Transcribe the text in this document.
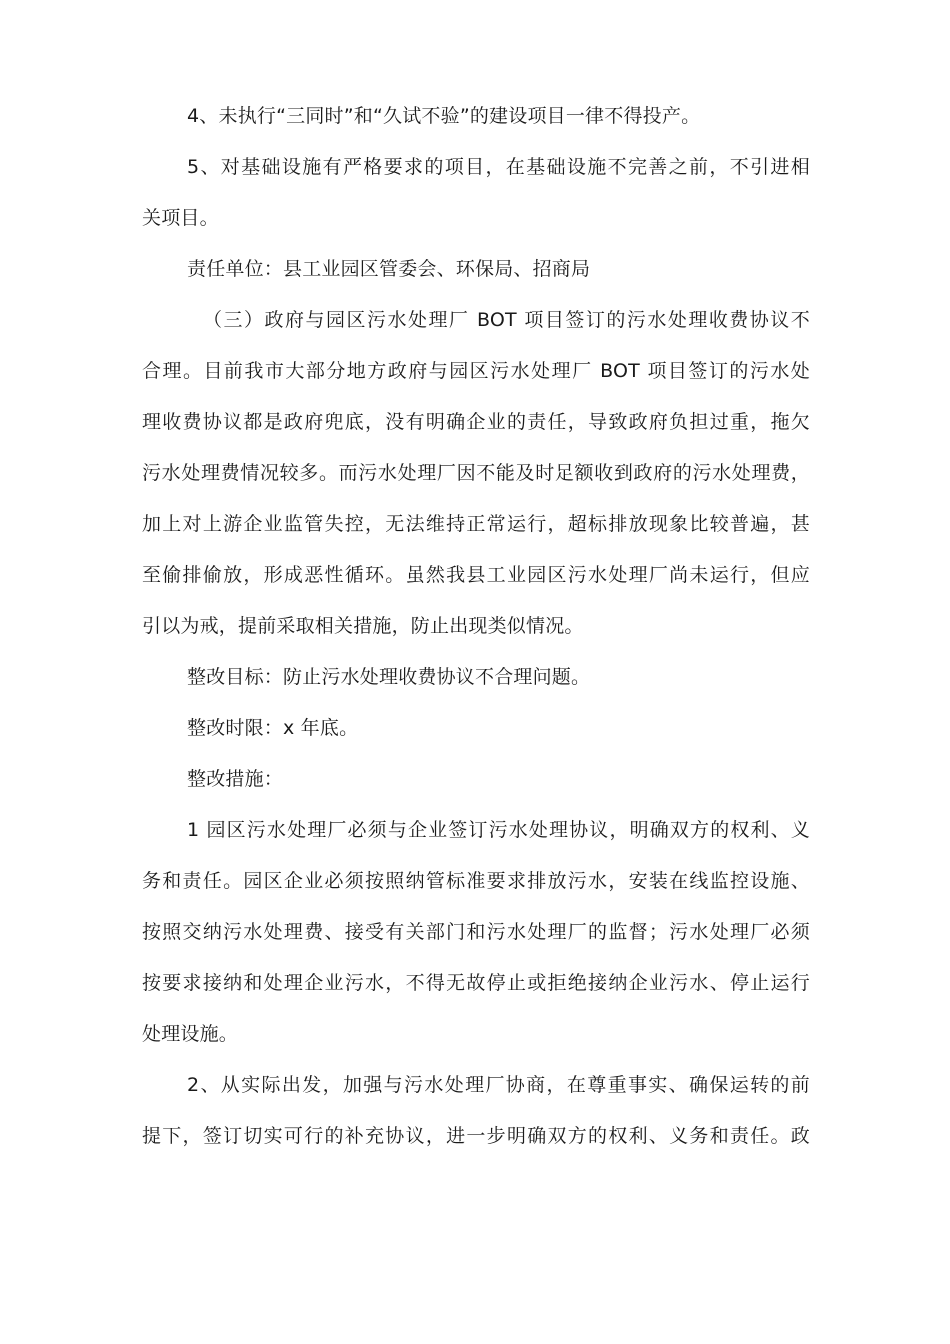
4、未执行“三同时”和“久试不验”的建设项目一律不得投产。
5、对基础设施有严格要求的项目，在基础设施不完善之前，不引进相
关项目。
责任单位：县工业园区管委会、环保局、招商局
（三）政府与园区污水处理厂 BOT 项目签订的污水处理收费协议不
合理。目前我市大部分地方政府与园区污水处理厂 BOT 项目签订的污水处
理收费协议都是政府兜底，没有明确企业的责任，导致政府负担过重，拖欠
污水处理费情况较多。而污水处理厂因不能及时足额收到政府的污水处理费，
加上对上游企业监管失控，无法维持正常运行，超标排放现象比较普遍，甚
至偷排偷放，形成恶性循环。虽然我县工业园区污水处理厂尚未运行，但应
引以为戒，提前采取相关措施，防止出现类似情况。
整改目标：防止污水处理收费协议不合理问题。
整改时限：x 年底。
整改措施：
1 园区污水处理厂必须与企业签订污水处理协议，明确双方的权利、义
务和责任。园区企业必须按照纳管标准要求排放污水，安装在线监控设施、
按照交纳污水处理费、接受有关部门和污水处理厂的监督；污水处理厂必须
按要求接纳和处理企业污水，不得无故停止或拒绝接纳企业污水、停止运行
处理设施。
2、从实际出发，加强与污水处理厂协商，在尊重事实、确保运转的前
提下，签订切实可行的补充协议，进一步明确双方的权利、义务和责任。政
